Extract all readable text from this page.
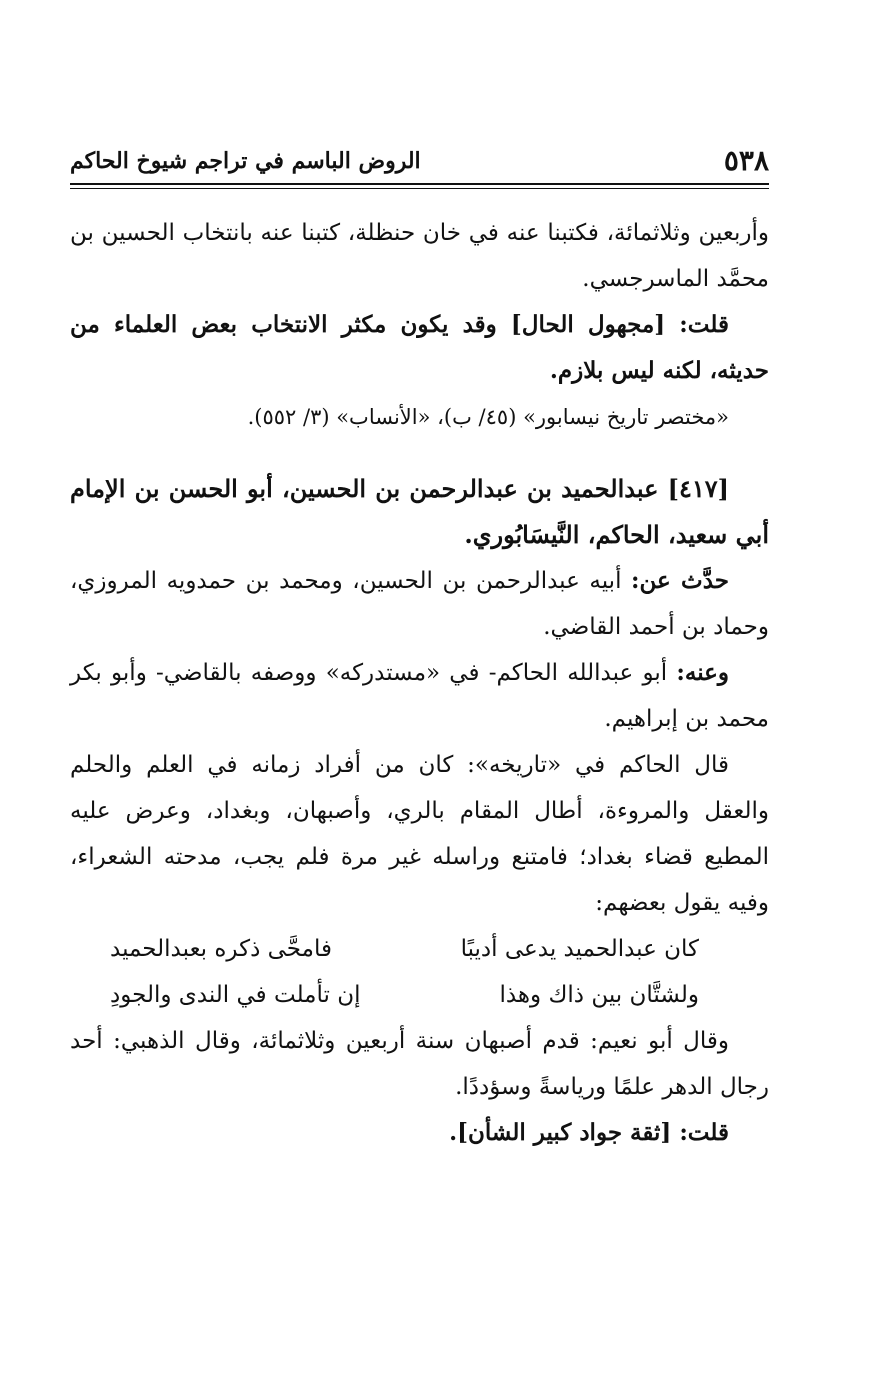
٥٣٨
الروض الباسم في تراجم شيوخ الحاكم

وأربعين وثلاثمائة، فكتبنا عنه في خان حنظلة، كتبنا عنه بانتخاب الحسين بن محمَّد الماسرجسي.

قلت: [مجهول الحال] وقد يكون مكثر الانتخاب بعض العلماء من حديثه، لكنه ليس بلازم.

«مختصر تاريخ نيسابور» (٤٥/ ب)، «الأنساب» (٣/ ٥٥٢).

[٤١٧] عبدالحميد بن عبدالرحمن بن الحسين، أبو الحسن بن الإمام أبي سعيد، الحاكم، النَّيسَابُوري.

حدَّث عن: أبيه عبدالرحمن بن الحسين، ومحمد بن حمدويه المروزي، وحماد بن أحمد القاضي.

وعنه: أبو عبدالله الحاكم- في «مستدركه» ووصفه بالقاضي- وأبو بكر محمد بن إبراهيم.

قال الحاكم في «تاريخه»: كان من أفراد زمانه في العلم والحلم والعقل والمروءة، أطال المقام بالري، وأصبهان، وبغداد، وعرض عليه المطيع قضاء بغداد؛ فامتنع وراسله غير مرة فلم يجب، مدحته الشعراء، وفيه يقول بعضهم:

كان عبدالحميد يدعى أديبًا
فامحَّى ذكره بعبدالحميد
ولشتَّان بين ذاك وهذا
إن تأملت في الندى والجودِ

وقال أبو نعيم: قدم أصبهان سنة أربعين وثلاثمائة، وقال الذهبي: أحد رجال الدهر علمًا ورياسةً وسؤددًا.

قلت: [ثقة جواد كبير الشأن].
